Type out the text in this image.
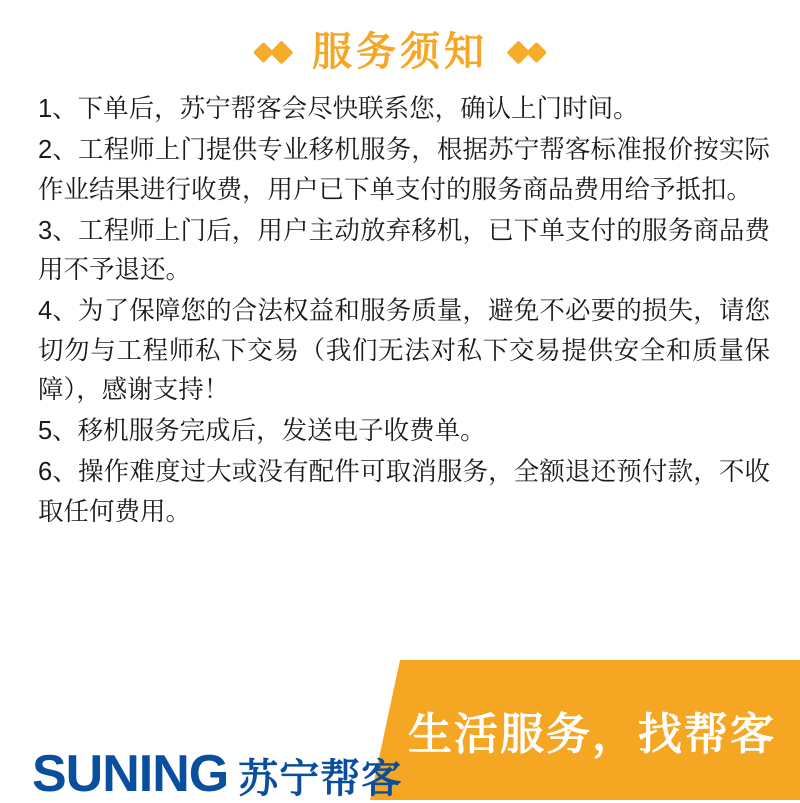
服务须知

1、下单后，苏宁帮客会尽快联系您，确认上门时间。

2、工程师上门提供专业移机服务，根据苏宁帮客标准报价按实际作业结果进行收费，用户已下单支付的服务商品费用给予抵扣。

3、工程师上门后，用户主动放弃移机，已下单支付的服务商品费用不予退还。

4、为了保障您的合法权益和服务质量，避免不必要的损失，请您切勿与工程师私下交易（我们无法对私下交易提供安全和质量保障），感谢支持！

5、移机服务完成后，发送电子收费单。

6、操作难度过大或没有配件可取消服务，全额退还预付款，不收取任何费用。

SUNING 苏宁帮客
生活服务，找帮客
